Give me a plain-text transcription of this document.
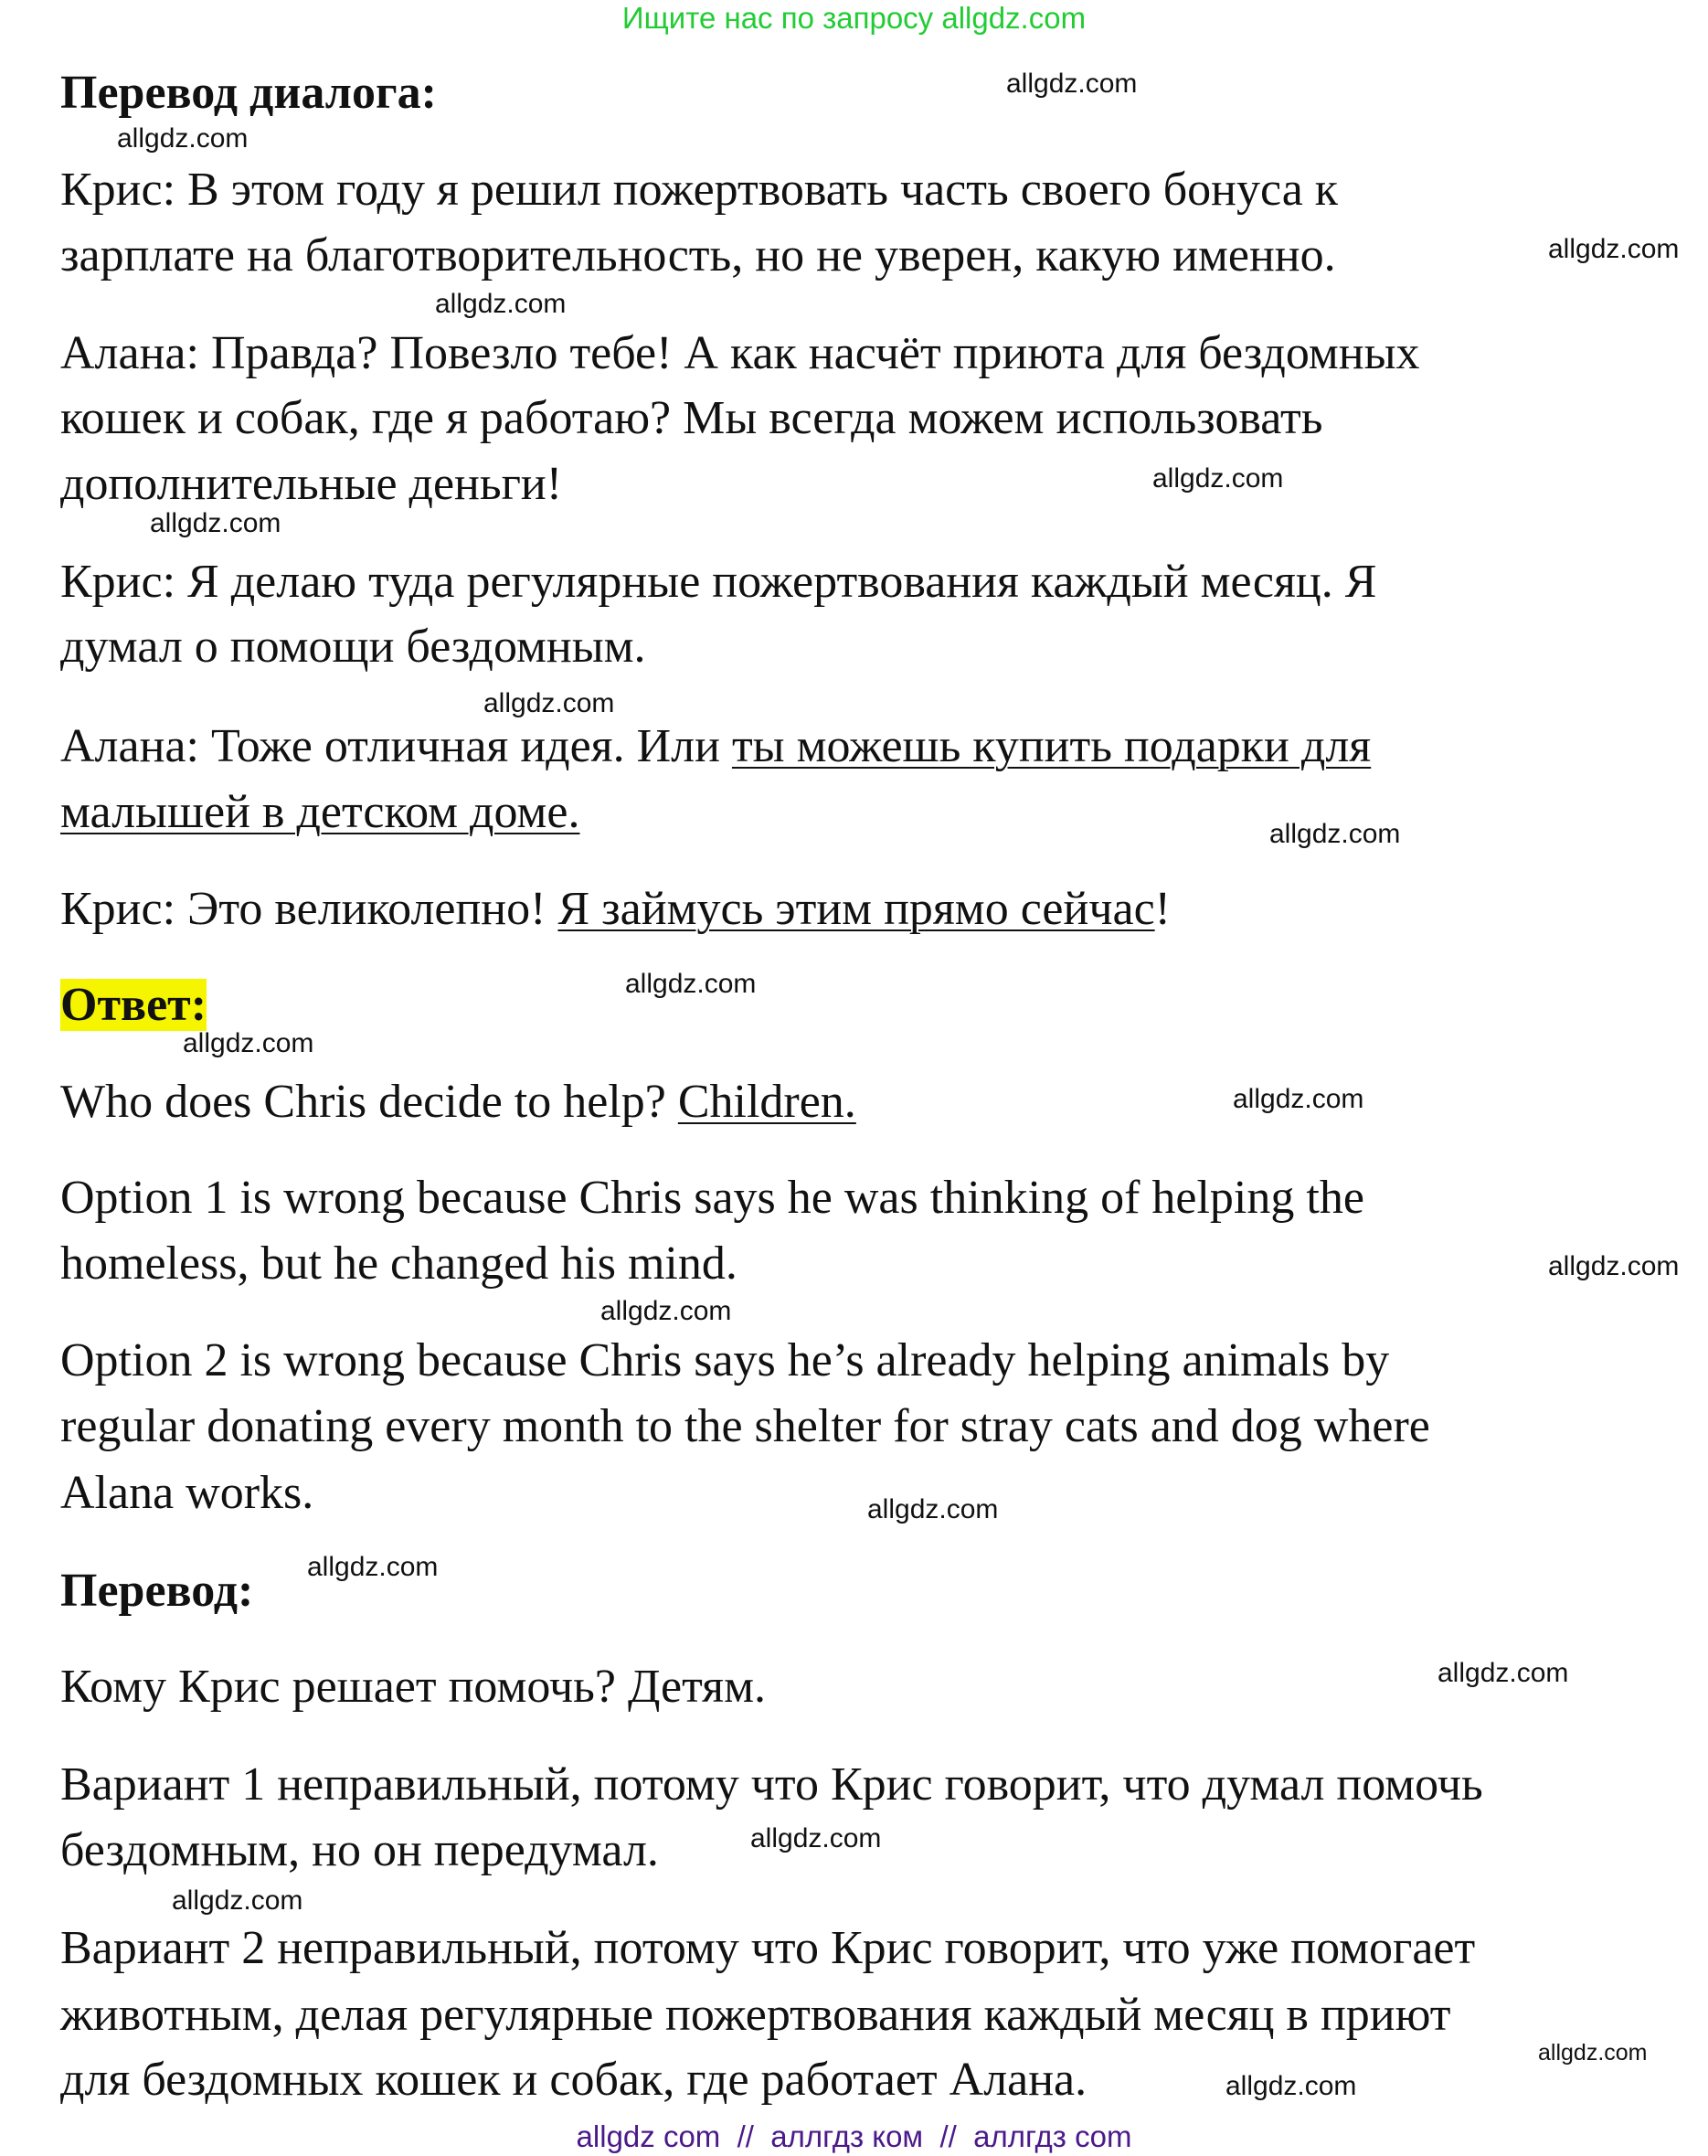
Ищите нас по запросу allgdz.com
Перевод диалога:
Крис: В этом году я решил пожертвовать часть своего бонуса к
зарплате на благотворительность, но не уверен, какую именно.
Алана: Правда? Повезло тебе! А как насчёт приюта для бездомных
кошек и собак, где я работаю? Мы всегда можем использовать
дополнительные деньги!
Крис: Я делаю туда регулярные пожертвования каждый месяц. Я
думал о помощи бездомным.
Алана: Тоже отличная идея. Или ты можешь купить подарки для
малышей в детском доме.
Крис: Это великолепно! Я займусь этим прямо сейчас!
Ответ:
Who does Chris decide to help? Children.
Option 1 is wrong because Chris says he was thinking of helping the
homeless, but he changed his mind.
Option 2 is wrong because Chris says he’s already helping animals by
regular donating every month to the shelter for stray cats and dog where
Alana works.
Перевод:
Кому Крис решает помочь? Детям.
Вариант 1 неправильный, потому что Крис говорит, что думал помочь
бездомным, но он передумал.
Вариант 2 неправильный, потому что Крис говорит, что уже помогает
животным, делая регулярные пожертвования каждый месяц в приют
для бездомных кошек и собак, где работает Алана.
allgdz.com
allgdz.com
allgdz.com
allgdz.com
allgdz.com
allgdz.com
allgdz.com
allgdz.com
allgdz.com
allgdz.com
allgdz.com
allgdz.com
allgdz.com
allgdz.com
allgdz.com
allgdz.com
allgdz.com
allgdz.com
allgdz.com
allgdz.com
allgdz com  //  аллгдз ком  //  аллгдз com
